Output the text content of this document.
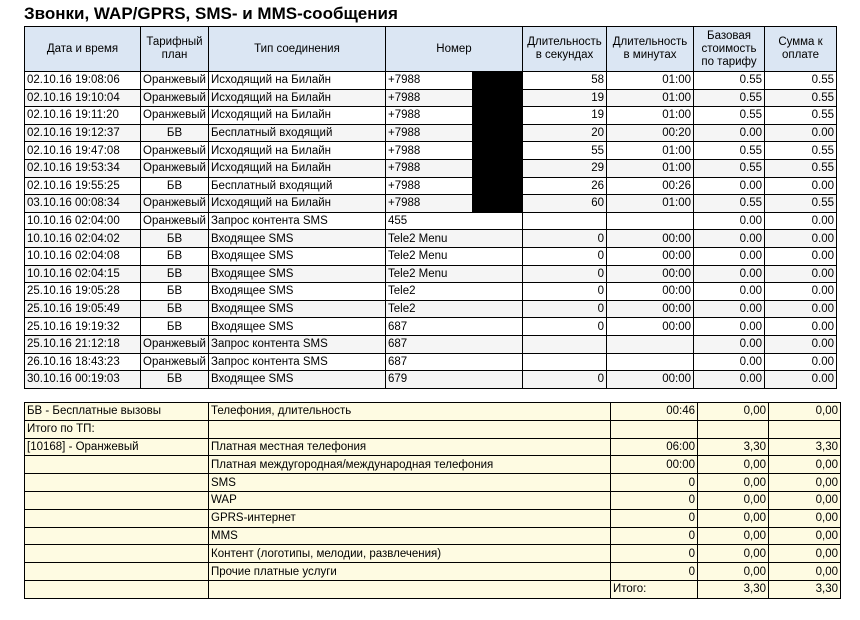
Звонки, WAP/GPRS, SMS- и MMS-сообщения
Дата и время	Тарифный план	Тип соединения	Номер	Длительность в секундах	Длительность в минутах	Базовая стоимость по тарифу	Сумма к оплате
02.10.16 19:08:06	Оранжевый	Исходящий на Билайн	+7988	58	01:00	0.55	0.55
02.10.16 19:10:04	Оранжевый	Исходящий на Билайн	+7988	19	01:00	0.55	0.55
02.10.16 19:11:20	Оранжевый	Исходящий на Билайн	+7988	19	01:00	0.55	0.55
02.10.16 19:12:37	БВ	Бесплатный входящий	+7988	20	00:20	0.00	0.00
02.10.16 19:47:08	Оранжевый	Исходящий на Билайн	+7988	55	01:00	0.55	0.55
02.10.16 19:53:34	Оранжевый	Исходящий на Билайн	+7988	29	01:00	0.55	0.55
02.10.16 19:55:25	БВ	Бесплатный входящий	+7988	26	00:26	0.00	0.00
03.10.16 00:08:34	Оранжевый	Исходящий на Билайн	+7988	60	01:00	0.55	0.55
10.10.16 02:04:00	Оранжевый	Запрос контента SMS	455			0.00	0.00
10.10.16 02:04:02	БВ	Входящее SMS	Tele2 Menu	0	00:00	0.00	0.00
10.10.16 02:04:08	БВ	Входящее SMS	Tele2 Menu	0	00:00	0.00	0.00
10.10.16 02:04:15	БВ	Входящее SMS	Tele2 Menu	0	00:00	0.00	0.00
25.10.16 19:05:28	БВ	Входящее SMS	Tele2	0	00:00	0.00	0.00
25.10.16 19:05:49	БВ	Входящее SMS	Tele2	0	00:00	0.00	0.00
25.10.16 19:19:32	БВ	Входящее SMS	687	0	00:00	0.00	0.00
25.10.16 21:12:18	Оранжевый	Запрос контента SMS	687			0.00	0.00
26.10.16 18:43:23	Оранжевый	Запрос контента SMS	687			0.00	0.00
30.10.16 00:19:03	БВ	Входящее SMS	679	0	00:00	0.00	0.00
БВ - Бесплатные вызовы	Телефония, длительность	00:46	0,00	0,00
Итого по ТП:				
[10168] - Оранжевый	Платная местная телефония	06:00	3,30	3,30
	Платная междугородная/международная телефония	00:00	0,00	0,00
	SMS	0	0,00	0,00
	WAP	0	0,00	0,00
	GPRS-интернет	0	0,00	0,00
	MMS	0	0,00	0,00
	Контент (логотипы, мелодии, развлечения)	0	0,00	0,00
	Прочие платные услуги	0	0,00	0,00
		Итого:	3,30	3,30
